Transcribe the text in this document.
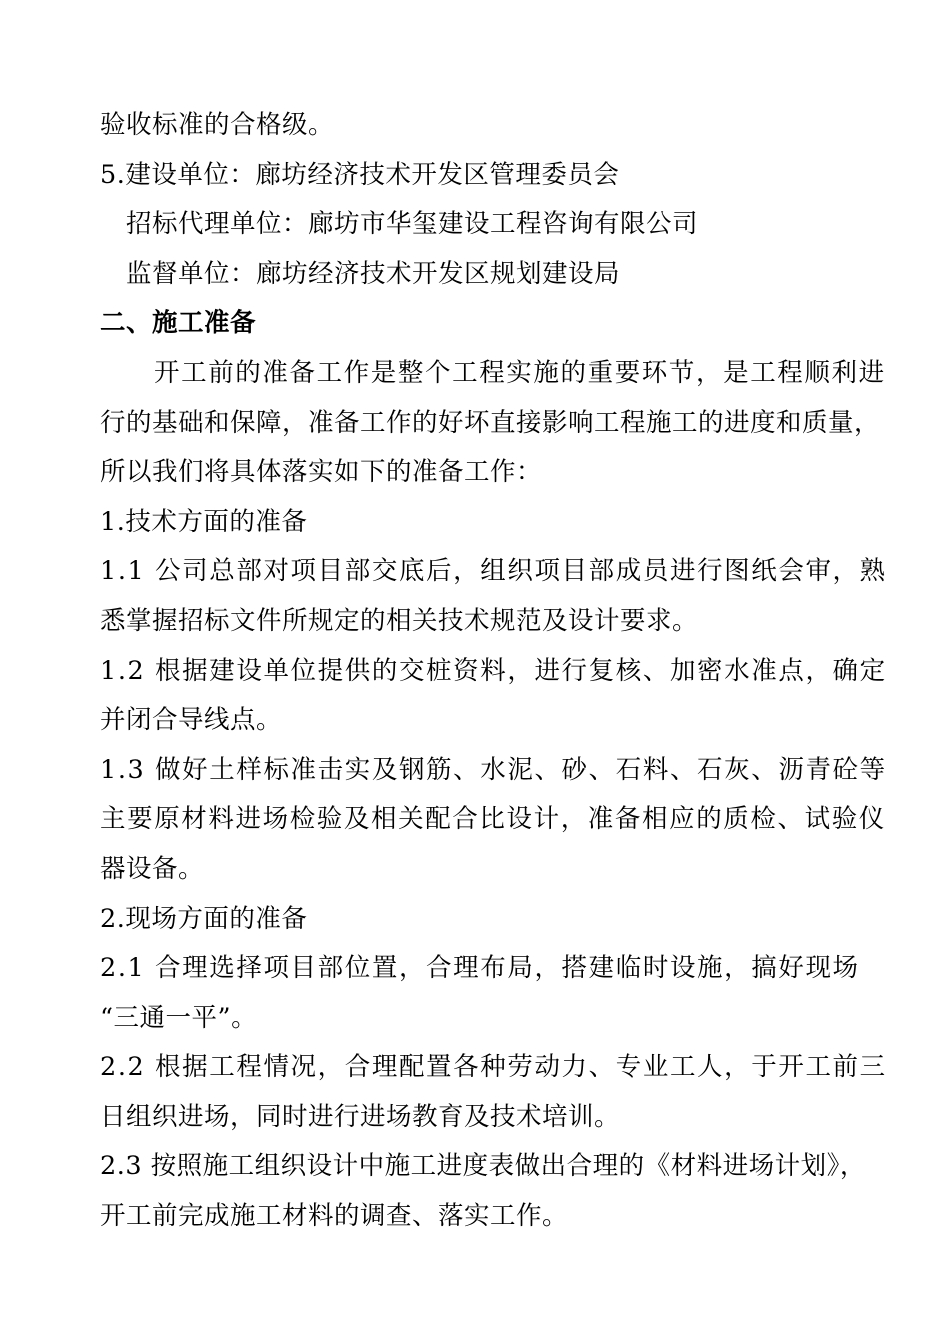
验收标准的合格级。
5.建设单位：廊坊经济技术开发区管理委员会
招标代理单位：廊坊市华玺建设工程咨询有限公司
监督单位：廊坊经济技术开发区规划建设局
二、施工准备
开工前的准备工作是整个工程实施的重要环节，是工程顺利进
行的基础和保障，准备工作的好坏直接影响工程施工的进度和质量，
所以我们将具体落实如下的准备工作：
1.技术方面的准备
1.1 公司总部对项目部交底后，组织项目部成员进行图纸会审，熟
悉掌握招标文件所规定的相关技术规范及设计要求。
1.2 根据建设单位提供的交桩资料，进行复核、加密水准点，确定
并闭合导线点。
1.3 做好土样标准击实及钢筋、水泥、砂、石料、石灰、沥青砼等
主要原材料进场检验及相关配合比设计，准备相应的质检、试验仪
器设备。
2.现场方面的准备
2.1 合理选择项目部位置，合理布局，搭建临时设施，搞好现场
“三通一平”。
2.2 根据工程情况，合理配置各种劳动力、专业工人，于开工前三
日组织进场，同时进行进场教育及技术培训。
2.3 按照施工组织设计中施工进度表做出合理的《材料进场计划》，
开工前完成施工材料的调查、落实工作。
